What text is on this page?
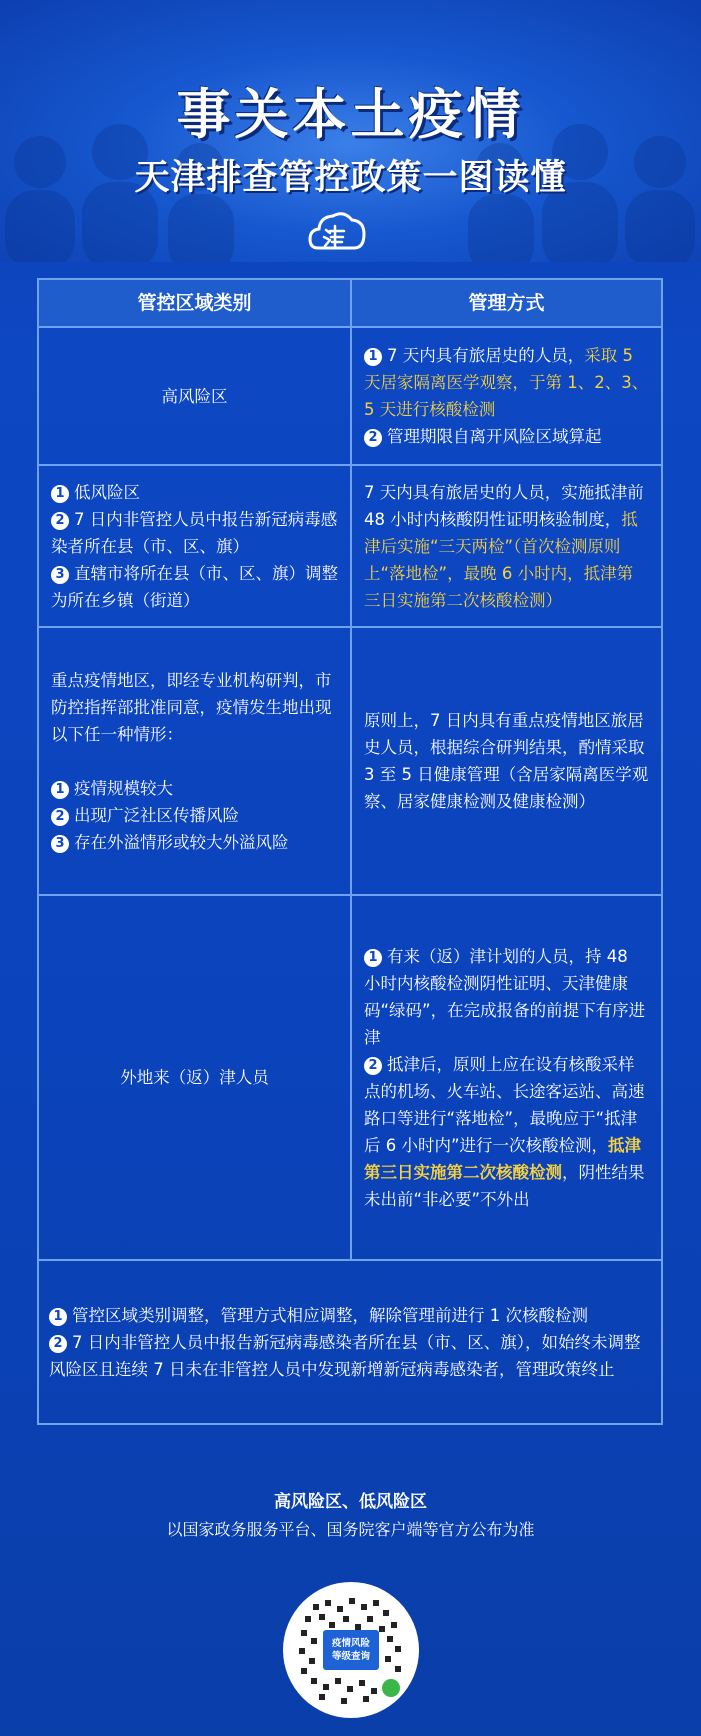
事关本土疫情
天津排查管控政策一图读懂
管控区域类别	管理方式
高风险区
1 7 天内具有旅居史的人员，采取 5 天居家隔离医学观察，于第 1、2、3、5 天进行核酸检测
2 管理期限自离开风险区域算起
1 低风险区
2 7 日内非管控人员中报告新冠病毒感染者所在县（市、区、旗）
3 直辖市将所在县（市、区、旗）调整为所在乡镇（街道）
7 天内具有旅居史的人员，实施抵津前 48 小时内核酸阴性证明核验制度，抵津后实施“三天两检”（首次检测原则上“落地检”，最晚 6 小时内，抵津第三日实施第二次核酸检测）
重点疫情地区，即经专业机构研判，市防控指挥部批准同意，疫情发生地出现以下任一种情形：
1 疫情规模较大
2 出现广泛社区传播风险
3 存在外溢情形或较大外溢风险
原则上，7 日内具有重点疫情地区旅居史人员，根据综合研判结果，酌情采取 3 至 5 日健康管理（含居家隔离医学观察、居家健康检测及健康检测）
外地来（返）津人员
1 有来（返）津计划的人员，持 48 小时内核酸检测阴性证明、天津健康码“绿码”，在完成报备的前提下有序进津
2 抵津后，原则上应在设有核酸采样点的机场、火车站、长途客运站、高速路口等进行“落地检”，最晚应于“抵津后 6 小时内”进行一次核酸检测，抵津第三日实施第二次核酸检测，阴性结果未出前“非必要”不外出
1 管控区域类别调整，管理方式相应调整，解除管理前进行 1 次核酸检测
2 7 日内非管控人员中报告新冠病毒感染者所在县（市、区、旗），如始终未调整风险区且连续 7 日未在非管控人员中发现新增新冠病毒感染者，管理政策终止
高风险区、低风险区
以国家政务服务平台、国务院客户端等官方公布为准
疫情风险
等级查询
